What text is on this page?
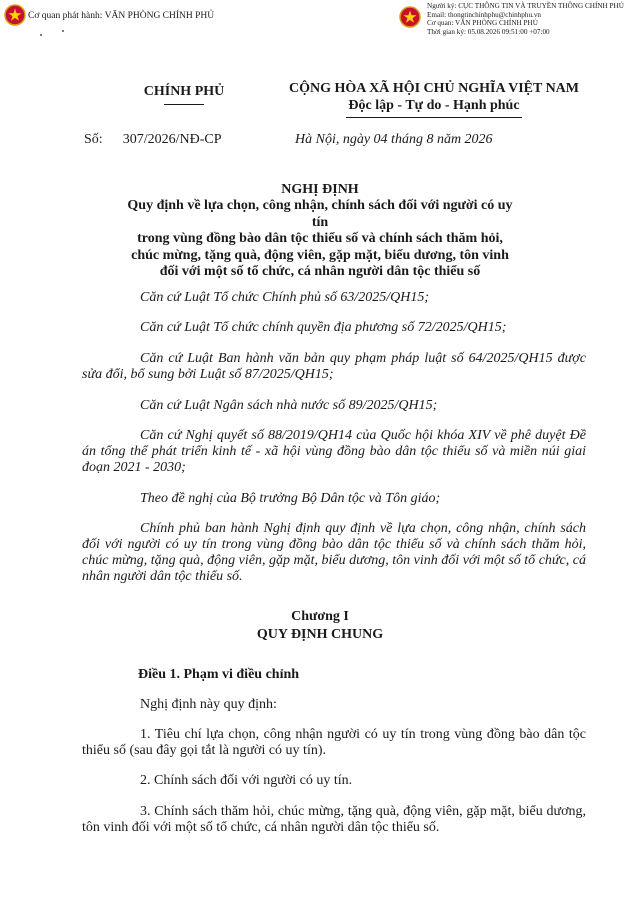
Cơ quan phát hành: VĂN PHÒNG CHÍNH PHỦ
Người ký: CỤC THÔNG TIN VÀ TRUYỀN THÔNG CHÍNH PHỦ
Email: thongtinchinhphu@chinhphu.vn
Cơ quan: VĂN PHÒNG CHÍNH PHỦ
Thời gian ký: 05.08.2026 09:51:00 +07:00
CHÍNH PHỦ	CỘNG HÒA XÃ HỘI CHỦ NGHĨA VIỆT NAM
Độc lập - Tự do - Hạnh phúc
Số: 307/2026/NĐ-CP	Hà Nội, ngày 04 tháng 8 năm 2026
NGHỊ ĐỊNH
Quy định về lựa chọn, công nhận, chính sách đối với người có uy tín
trong vùng đồng bào dân tộc thiểu số và chính sách thăm hỏi,
chúc mừng, tặng quà, động viên, gặp mặt, biểu dương, tôn vinh
đối với một số tổ chức, cá nhân người dân tộc thiểu số
Căn cứ Luật Tổ chức Chính phủ số 63/2025/QH15;
Căn cứ Luật Tổ chức chính quyền địa phương số 72/2025/QH15;
Căn cứ Luật Ban hành văn bản quy phạm pháp luật số 64/2025/QH15 được sửa đổi, bổ sung bởi Luật số 87/2025/QH15;
Căn cứ Luật Ngân sách nhà nước số 89/2025/QH15;
Căn cứ Nghị quyết số 88/2019/QH14 của Quốc hội khóa XIV về phê duyệt Đề án tổng thể phát triển kinh tế - xã hội vùng đồng bào dân tộc thiểu số và miền núi giai đoạn 2021 - 2030;
Theo đề nghị của Bộ trưởng Bộ Dân tộc và Tôn giáo;
Chính phủ ban hành Nghị định quy định về lựa chọn, công nhận, chính sách đối với người có uy tín trong vùng đồng bào dân tộc thiểu số và chính sách thăm hỏi, chúc mừng, tặng quà, động viên, gặp mặt, biểu dương, tôn vinh đối với một số tổ chức, cá nhân người dân tộc thiểu số.
Chương I
QUY ĐỊNH CHUNG
Điều 1. Phạm vi điều chỉnh
Nghị định này quy định:
1. Tiêu chí lựa chọn, công nhận người có uy tín trong vùng đồng bào dân tộc thiểu số (sau đây gọi tắt là người có uy tín).
2. Chính sách đối với người có uy tín.
3. Chính sách thăm hỏi, chúc mừng, tặng quà, động viên, gặp mặt, biểu dương, tôn vinh đối với một số tổ chức, cá nhân người dân tộc thiểu số.
